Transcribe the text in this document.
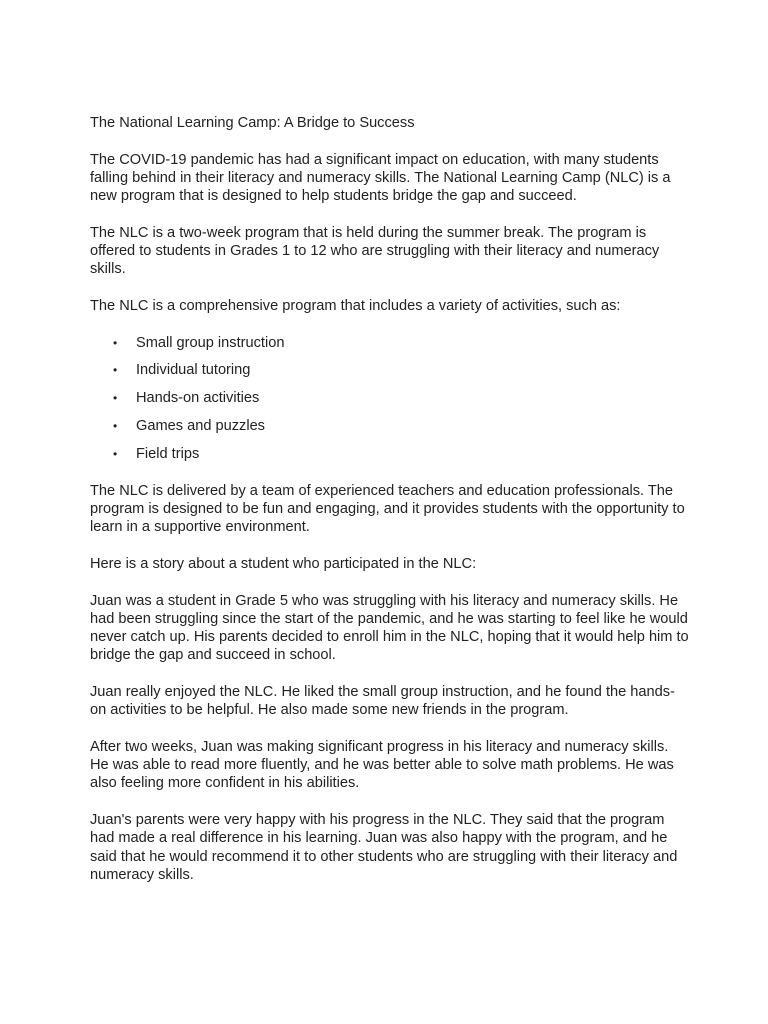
The National Learning Camp: A Bridge to Success

The COVID-19 pandemic has had a significant impact on education, with many students falling behind in their literacy and numeracy skills. The National Learning Camp (NLC) is a new program that is designed to help students bridge the gap and succeed.

The NLC is a two-week program that is held during the summer break. The program is offered to students in Grades 1 to 12 who are struggling with their literacy and numeracy skills.

The NLC is a comprehensive program that includes a variety of activities, such as:

• Small group instruction
• Individual tutoring
• Hands-on activities
• Games and puzzles
• Field trips

The NLC is delivered by a team of experienced teachers and education professionals. The program is designed to be fun and engaging, and it provides students with the opportunity to learn in a supportive environment.

Here is a story about a student who participated in the NLC:

Juan was a student in Grade 5 who was struggling with his literacy and numeracy skills. He had been struggling since the start of the pandemic, and he was starting to feel like he would never catch up. His parents decided to enroll him in the NLC, hoping that it would help him to bridge the gap and succeed in school.

Juan really enjoyed the NLC. He liked the small group instruction, and he found the hands-on activities to be helpful. He also made some new friends in the program.

After two weeks, Juan was making significant progress in his literacy and numeracy skills. He was able to read more fluently, and he was better able to solve math problems. He was also feeling more confident in his abilities.

Juan's parents were very happy with his progress in the NLC. They said that the program had made a real difference in his learning. Juan was also happy with the program, and he said that he would recommend it to other students who are struggling with their literacy and numeracy skills.
